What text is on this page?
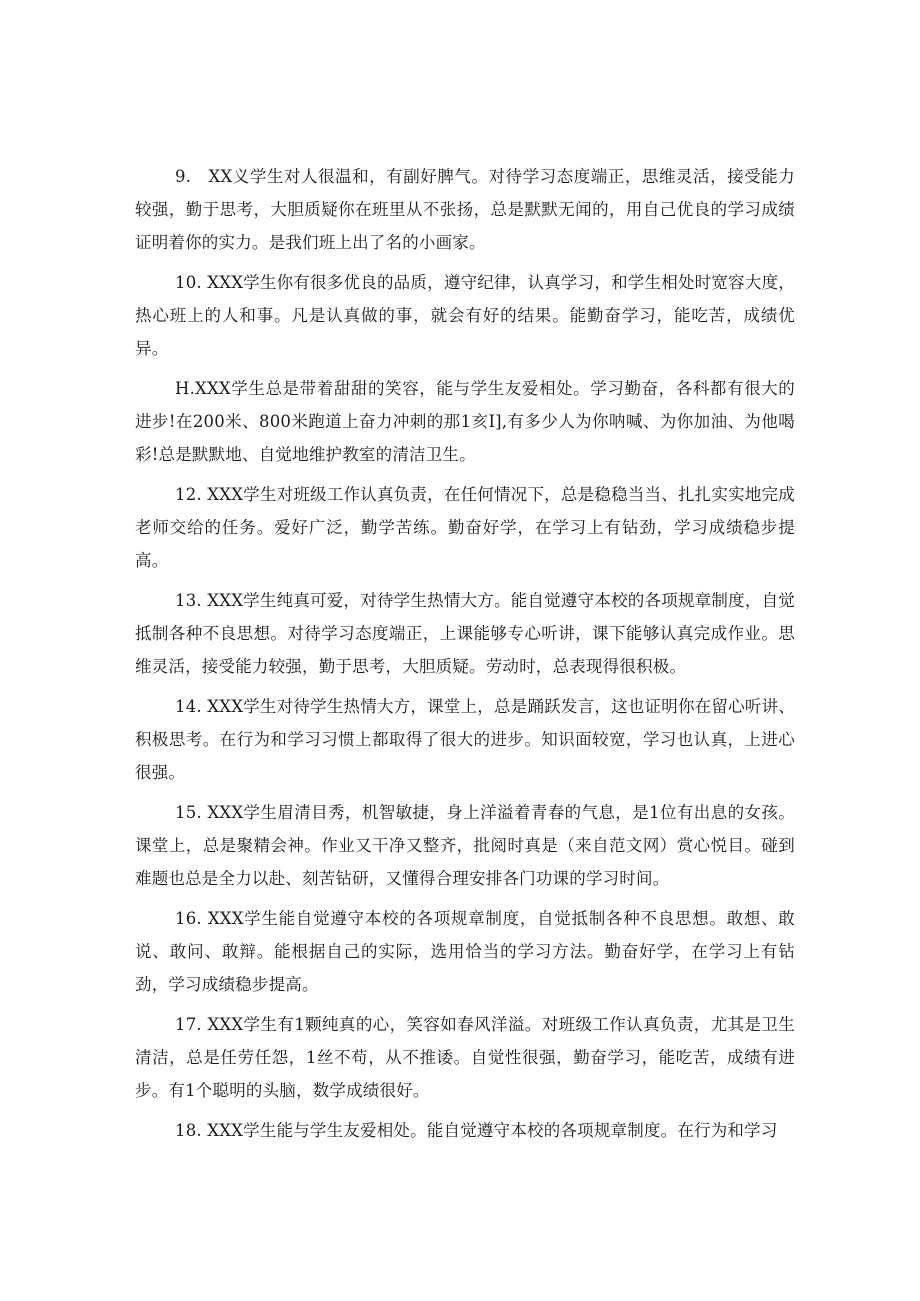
9.　XX义学生对人很温和，有副好脾气。对待学习态度端正，思维灵活，接受能力较强，勤于思考，大胆质疑你在班里从不张扬，总是默默无闻的，用自己优良的学习成绩证明着你的实力。是我们班上出了名的小画家。

10. XXX学生你有很多优良的品质，遵守纪律，认真学习，和学生相处时宽容大度，热心班上的人和事。凡是认真做的事，就会有好的结果。能勤奋学习，能吃苦，成绩优异。

H.XXX学生总是带着甜甜的笑容，能与学生友爱相处。学习勤奋，各科都有很大的进步!在200米、800米跑道上奋力冲刺的那1亥I],有多少人为你呐喊、为你加油、为他喝彩!总是默默地、自觉地维护教室的清洁卫生。

12. XXX学生对班级工作认真负责，在任何情况下，总是稳稳当当、扎扎实实地完成老师交给的任务。爱好广泛，勤学苦练。勤奋好学，在学习上有钻劲，学习成绩稳步提高。

13. XXX学生纯真可爱，对待学生热情大方。能自觉遵守本校的各项规章制度，自觉抵制各种不良思想。对待学习态度端正，上课能够专心听讲，课下能够认真完成作业。思维灵活，接受能力较强，勤于思考，大胆质疑。劳动时，总表现得很积极。

14. XXX学生对待学生热情大方，课堂上，总是踊跃发言，这也证明你在留心听讲、积极思考。在行为和学习习惯上都取得了很大的进步。知识面较宽，学习也认真，上进心很强。

15. XXX学生眉清目秀，机智敏捷，身上洋溢着青春的气息，是1位有出息的女孩。课堂上，总是聚精会神。作业又干净又整齐，批阅时真是（来自范文网）赏心悦目。碰到难题也总是全力以赴、刻苦钻研，又懂得合理安排各门功课的学习时间。

16. XXX学生能自觉遵守本校的各项规章制度，自觉抵制各种不良思想。敢想、敢说、敢问、敢辩。能根据自己的实际，选用恰当的学习方法。勤奋好学，在学习上有钻劲，学习成绩稳步提高。

17. XXX学生有1颗纯真的心，笑容如春风洋溢。对班级工作认真负责，尤其是卫生清洁，总是任劳任怨，1丝不苟，从不推诿。自觉性很强，勤奋学习，能吃苦，成绩有进步。有1个聪明的头脑，数学成绩很好。

18. XXX学生能与学生友爱相处。能自觉遵守本校的各项规章制度。在行为和学习
